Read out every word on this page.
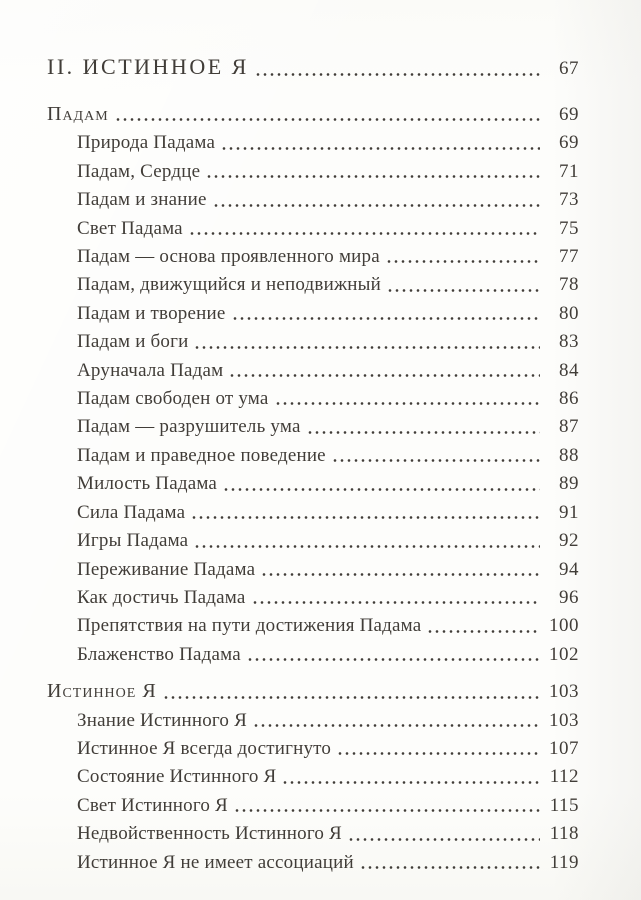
II. ИСТИННОЕ Я	67
Падам	69
Природа Падама	69
Падам, Сердце	71
Падам и знание	73
Свет Падама	75
Падам — основа проявленного мира	77
Падам, движущийся и неподвижный	78
Падам и творение	80
Падам и боги	83
Аруначала Падам	84
Падам свободен от ума	86
Падам — разрушитель ума	87
Падам и праведное поведение	88
Милость Падама	89
Сила Падама	91
Игры Падама	92
Переживание Падама	94
Как достичь Падама	96
Препятствия на пути достижения Падама	100
Блаженство Падама	102
Истинное Я	103
Знание Истинного Я	103
Истинное Я всегда достигнуто	107
Состояние Истинного Я	112
Свет Истинного Я	115
Недвойственность Истинного Я	118
Истинное Я не имеет ассоциаций	119
